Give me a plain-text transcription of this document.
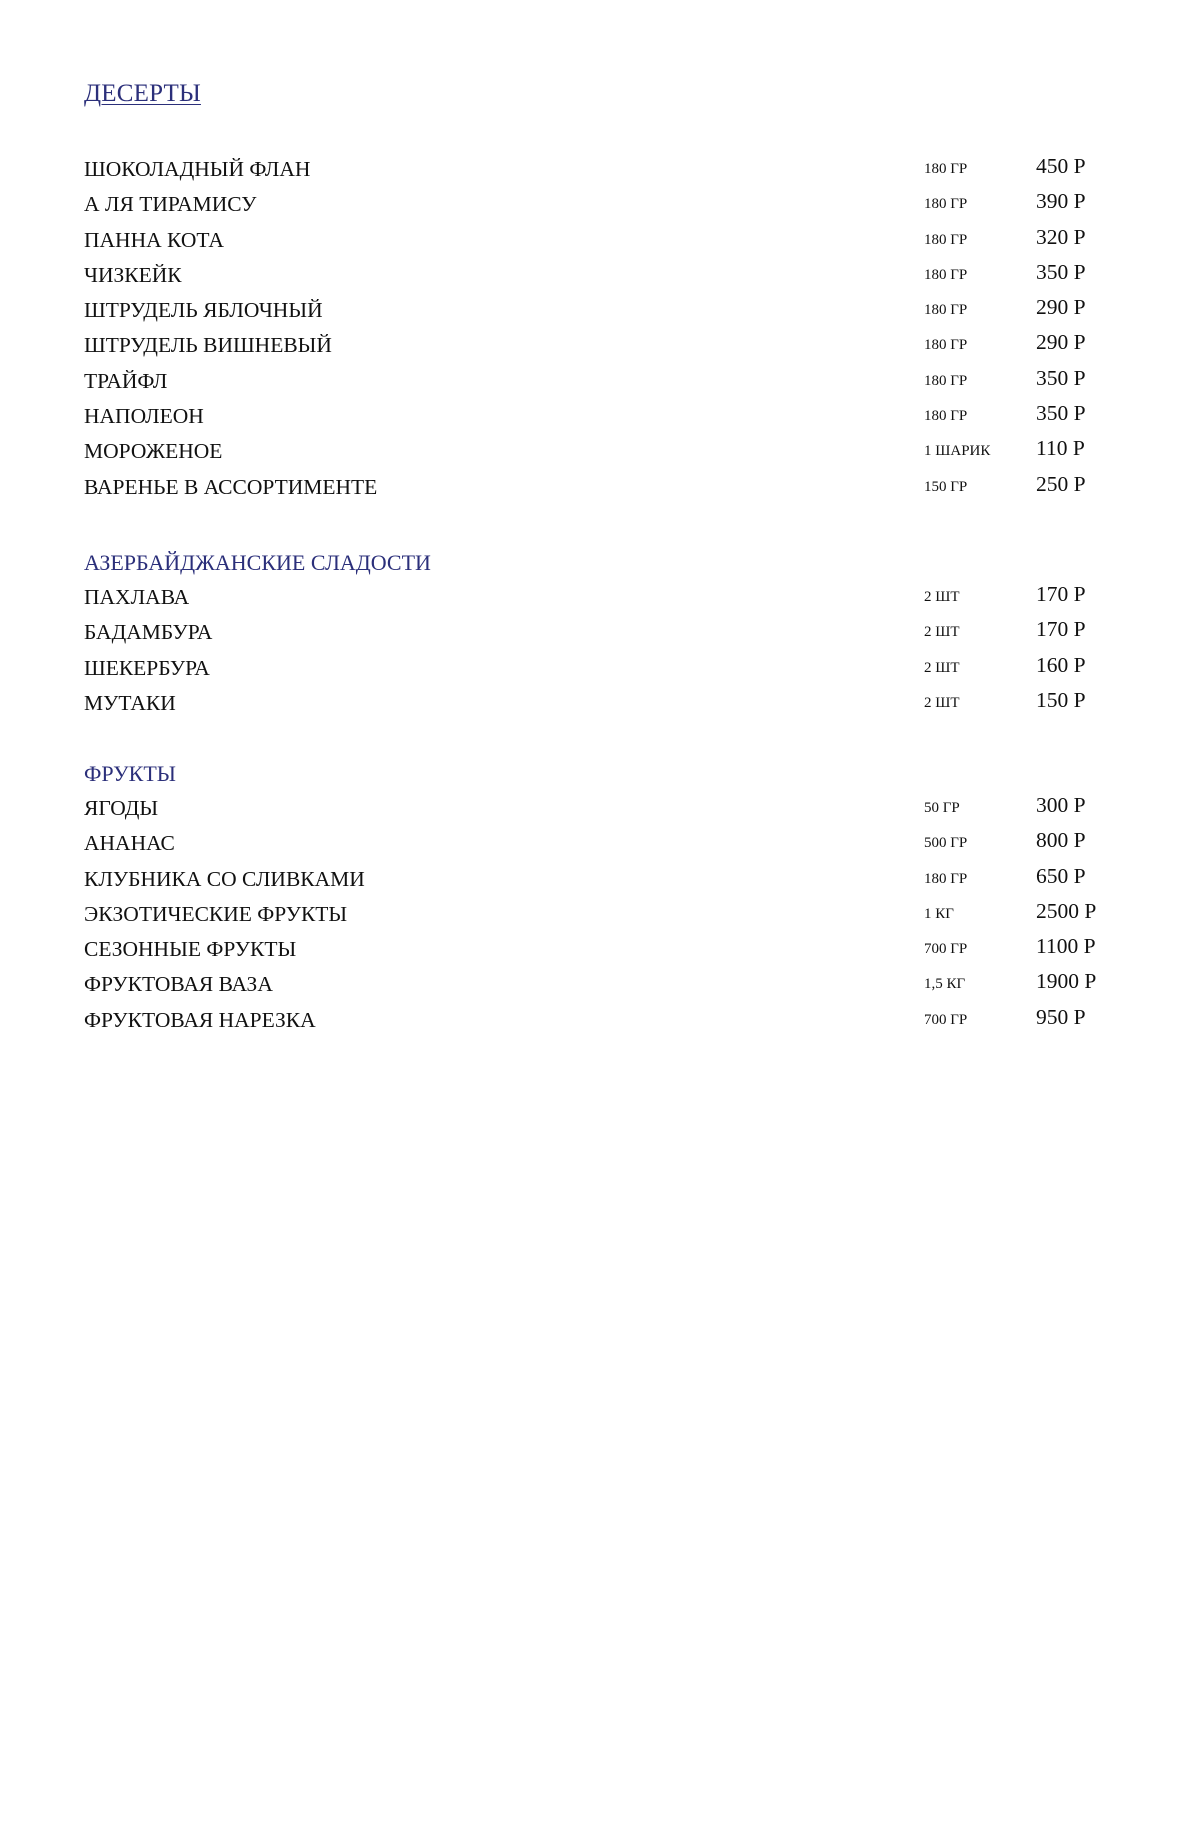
ДЕСЕРТЫ
ШОКОЛАДНЫЙ ФЛАН	180 ГР	450 Р
А ЛЯ ТИРАМИСУ	180 ГР	390 Р
ПАННА КОТА	180 ГР	320 Р
ЧИЗКЕЙК	180 ГР	350 Р
ШТРУДЕЛЬ ЯБЛОЧНЫЙ	180 ГР	290 Р
ШТРУДЕЛЬ ВИШНЕВЫЙ	180 ГР	290 Р
ТРАЙФЛ	180 ГР	350 Р
НАПОЛЕОН	180 ГР	350 Р
МОРОЖЕНОЕ	1 ШАРИК 110 Р
ВАРЕНЬЕ В АССОРТИМЕНТЕ	150 ГР	250 Р
АЗЕРБАЙДЖАНСКИЕ СЛАДОСТИ
ПАХЛАВА	2 ШТ	170 Р
БАДАМБУРА	2 ШТ	170 Р
ШЕКЕРБУРА	2 ШТ	160 Р
МУТАКИ	2 ШТ	150 Р
ФРУКТЫ
ЯГОДЫ	50 ГР	300 Р
АНАНАС	500 ГР	800 Р
КЛУБНИКА СО СЛИВКАМИ	180 ГР	650 Р
ЭКЗОТИЧЕСКИЕ ФРУКТЫ	1 КГ	2500 Р
СЕЗОННЫЕ ФРУКТЫ	700 ГР	1100 Р
ФРУКТОВАЯ ВАЗА	1,5 КГ	1900 Р
ФРУКТОВАЯ НАРЕЗКА	700 ГР	950 Р
